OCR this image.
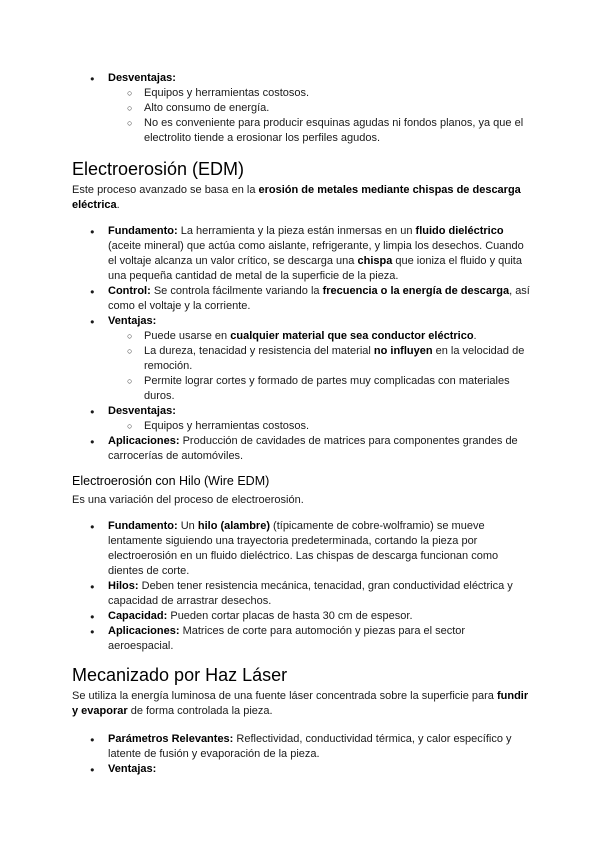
● Desventajas:
○ Equipos y herramientas costosos.
○ Alto consumo de energía.
○ No es conveniente para producir esquinas agudas ni fondos planos, ya que el electrolito tiende a erosionar los perfiles agudos.
Electroerosión (EDM)

Este proceso avanzado se basa en la erosión de metales mediante chispas de descarga eléctrica.

● Fundamento: La herramienta y la pieza están inmersas en un fluido dieléctrico (aceite mineral) que actúa como aislante, refrigerante, y limpia los desechos. Cuando el voltaje alcanza un valor crítico, se descarga una chispa que ioniza el fluido y quita una pequeña cantidad de metal de la superficie de la pieza.
● Control: Se controla fácilmente variando la frecuencia o la energía de descarga, así como el voltaje y la corriente.
● Ventajas:
○ Puede usarse en cualquier material que sea conductor eléctrico.
○ La dureza, tenacidad y resistencia del material no influyen en la velocidad de remoción.
○ Permite lograr cortes y formado de partes muy complicadas con materiales duros.
● Desventajas:
○ Equipos y herramientas costosos.
● Aplicaciones: Producción de cavidades de matrices para componentes grandes de carrocerías de automóviles.
Electroerosión con Hilo (Wire EDM)

Es una variación del proceso de electroerosión.

● Fundamento: Un hilo (alambre) (típicamente de cobre-wolframio) se mueve lentamente siguiendo una trayectoria predeterminada, cortando la pieza por electroerosión en un fluido dieléctrico. Las chispas de descarga funcionan como dientes de corte.
● Hilos: Deben tener resistencia mecánica, tenacidad, gran conductividad eléctrica y capacidad de arrastrar desechos.
● Capacidad: Pueden cortar placas de hasta 30 cm de espesor.
● Aplicaciones: Matrices de corte para automoción y piezas para el sector aeroespacial.
Mecanizado por Haz Láser

Se utiliza la energía luminosa de una fuente láser concentrada sobre la superficie para fundir y evaporar de forma controlada la pieza.

● Parámetros Relevantes: Reflectividad, conductividad térmica, y calor específico y latente de fusión y evaporación de la pieza.
● Ventajas:
